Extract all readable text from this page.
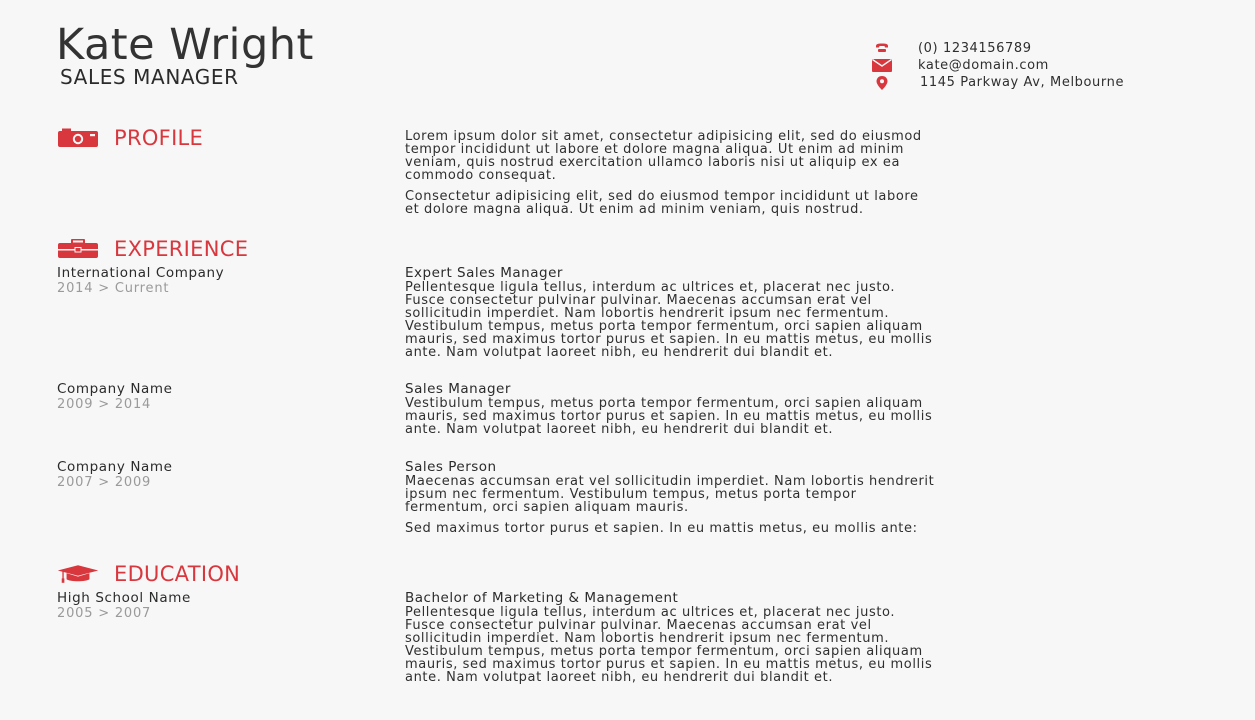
Kate Wright
SALES MANAGER
(0) 1234156789
kate@domain.com
1145 Parkway Av, Melbourne
PROFILE	Lorem ipsum dolor sit amet, consectetur adipisicing elit, sed do eiusmod
tempor incididunt ut labore et dolore magna aliqua. Ut enim ad minim
veniam, quis nostrud exercitation ullamco laboris nisi ut aliquip ex ea
commodo consequat.

Consectetur adipisicing elit, sed do eiusmod tempor incididunt ut labore
et dolore magna aliqua. Ut enim ad minim veniam, quis nostrud.

EXPERIENCE
International Company
2014 > Current
Expert Sales Manager

Pellentesque ligula tellus, interdum ac ultrices et, placerat nec justo.
Fusce consectetur pulvinar pulvinar. Maecenas accumsan erat vel
sollicitudin imperdiet. Nam lobortis hendrerit ipsum nec fermentum.
Vestibulum tempus, metus porta tempor fermentum, orci sapien aliquam
mauris, sed maximus tortor purus et sapien. In eu mattis metus, eu mollis
ante. Nam volutpat laoreet nibh, eu hendrerit dui blandit et.

Company Name
2009 > 2014
Sales Manager

Vestibulum tempus, metus porta tempor fermentum, orci sapien aliquam
mauris, sed maximus tortor purus et sapien. In eu mattis metus, eu mollis
ante. Nam volutpat laoreet nibh, eu hendrerit dui blandit et.

Company Name
2007 > 2009
Sales Person

Maecenas accumsan erat vel sollicitudin imperdiet. Nam lobortis hendrerit
ipsum nec fermentum. Vestibulum tempus, metus porta tempor
fermentum, orci sapien aliquam mauris.

Sed maximus tortor purus et sapien. In eu mattis metus, eu mollis ante:

EDUCATION
High School Name
2005 > 2007
Bachelor of Marketing & Management

Pellentesque ligula tellus, interdum ac ultrices et, placerat nec justo.
Fusce consectetur pulvinar pulvinar. Maecenas accumsan erat vel
sollicitudin imperdiet. Nam lobortis hendrerit ipsum nec fermentum.
Vestibulum tempus, metus porta tempor fermentum, orci sapien aliquam
mauris, sed maximus tortor purus et sapien. In eu mattis metus, eu mollis
ante. Nam volutpat laoreet nibh, eu hendrerit dui blandit et.
